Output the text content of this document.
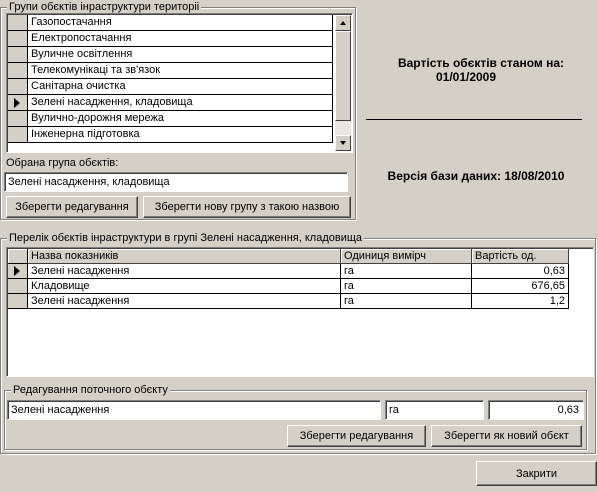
Групи обєктів інраструктури територіі
Газопостачання
Електропостачання
Вуличне освітлення
Телекомунікаці та зв'язок
Санітарна очистка
Зелені насадження, кладовища
Вулично-дорожня мережа
Інженерна підготовка
Обрана група обєктів:
Зелені насадження, кладовища
Зберегти редагування	Зберегти нову групу з такою назвою
Вартість обєктів станом на:
01/01/2009
Версія бази даних: 18/08/2010
Перелік обєктів інраструктури в групі Зелені насадження, кладовища
Назва показників	Одиниця вимірч	Вартість од.
Зелені насадження	га	0,63
Кладовище	га	676,65
Зелені насадження	га	1,2
Редагування поточного обєкту
Зелені насадження	га	0,63
Зберегти редагування	Зберегти як новий обєкт
Закрити
